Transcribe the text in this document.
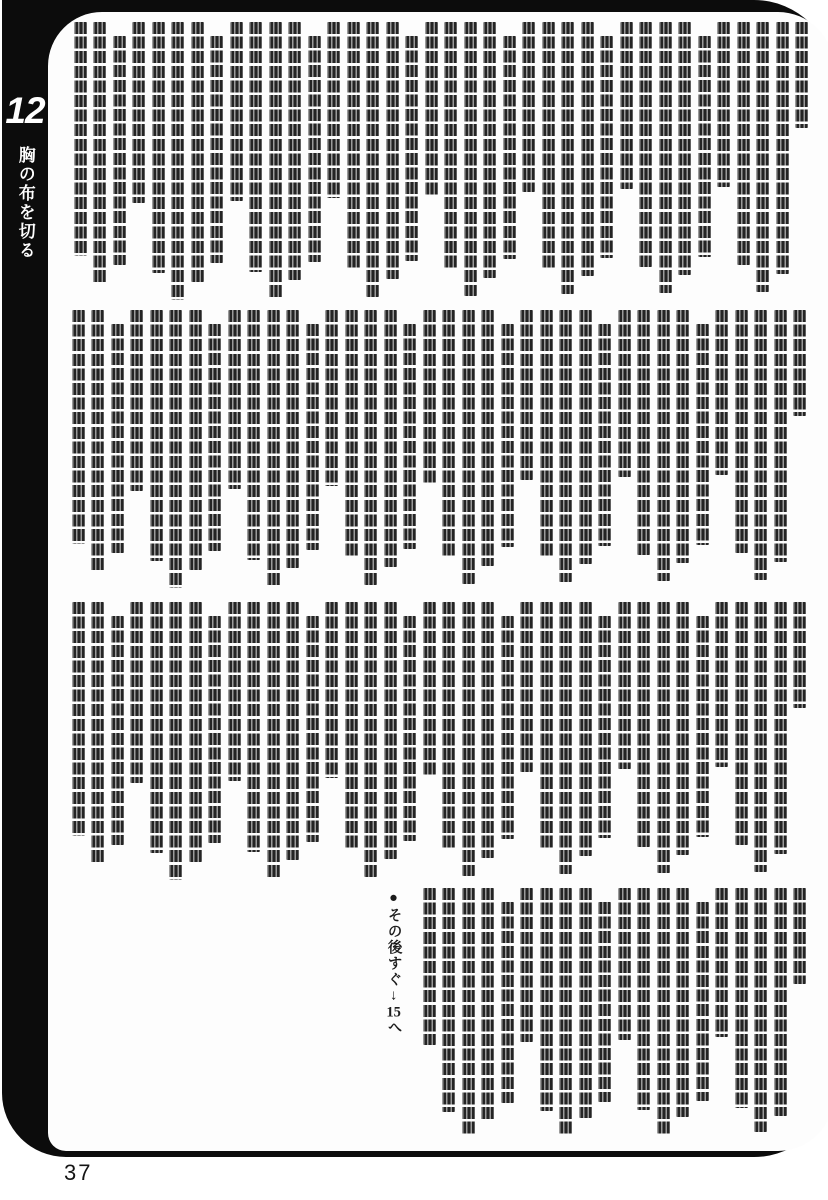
12
胸の布を切る
●その後すぐ↓15へ
37
